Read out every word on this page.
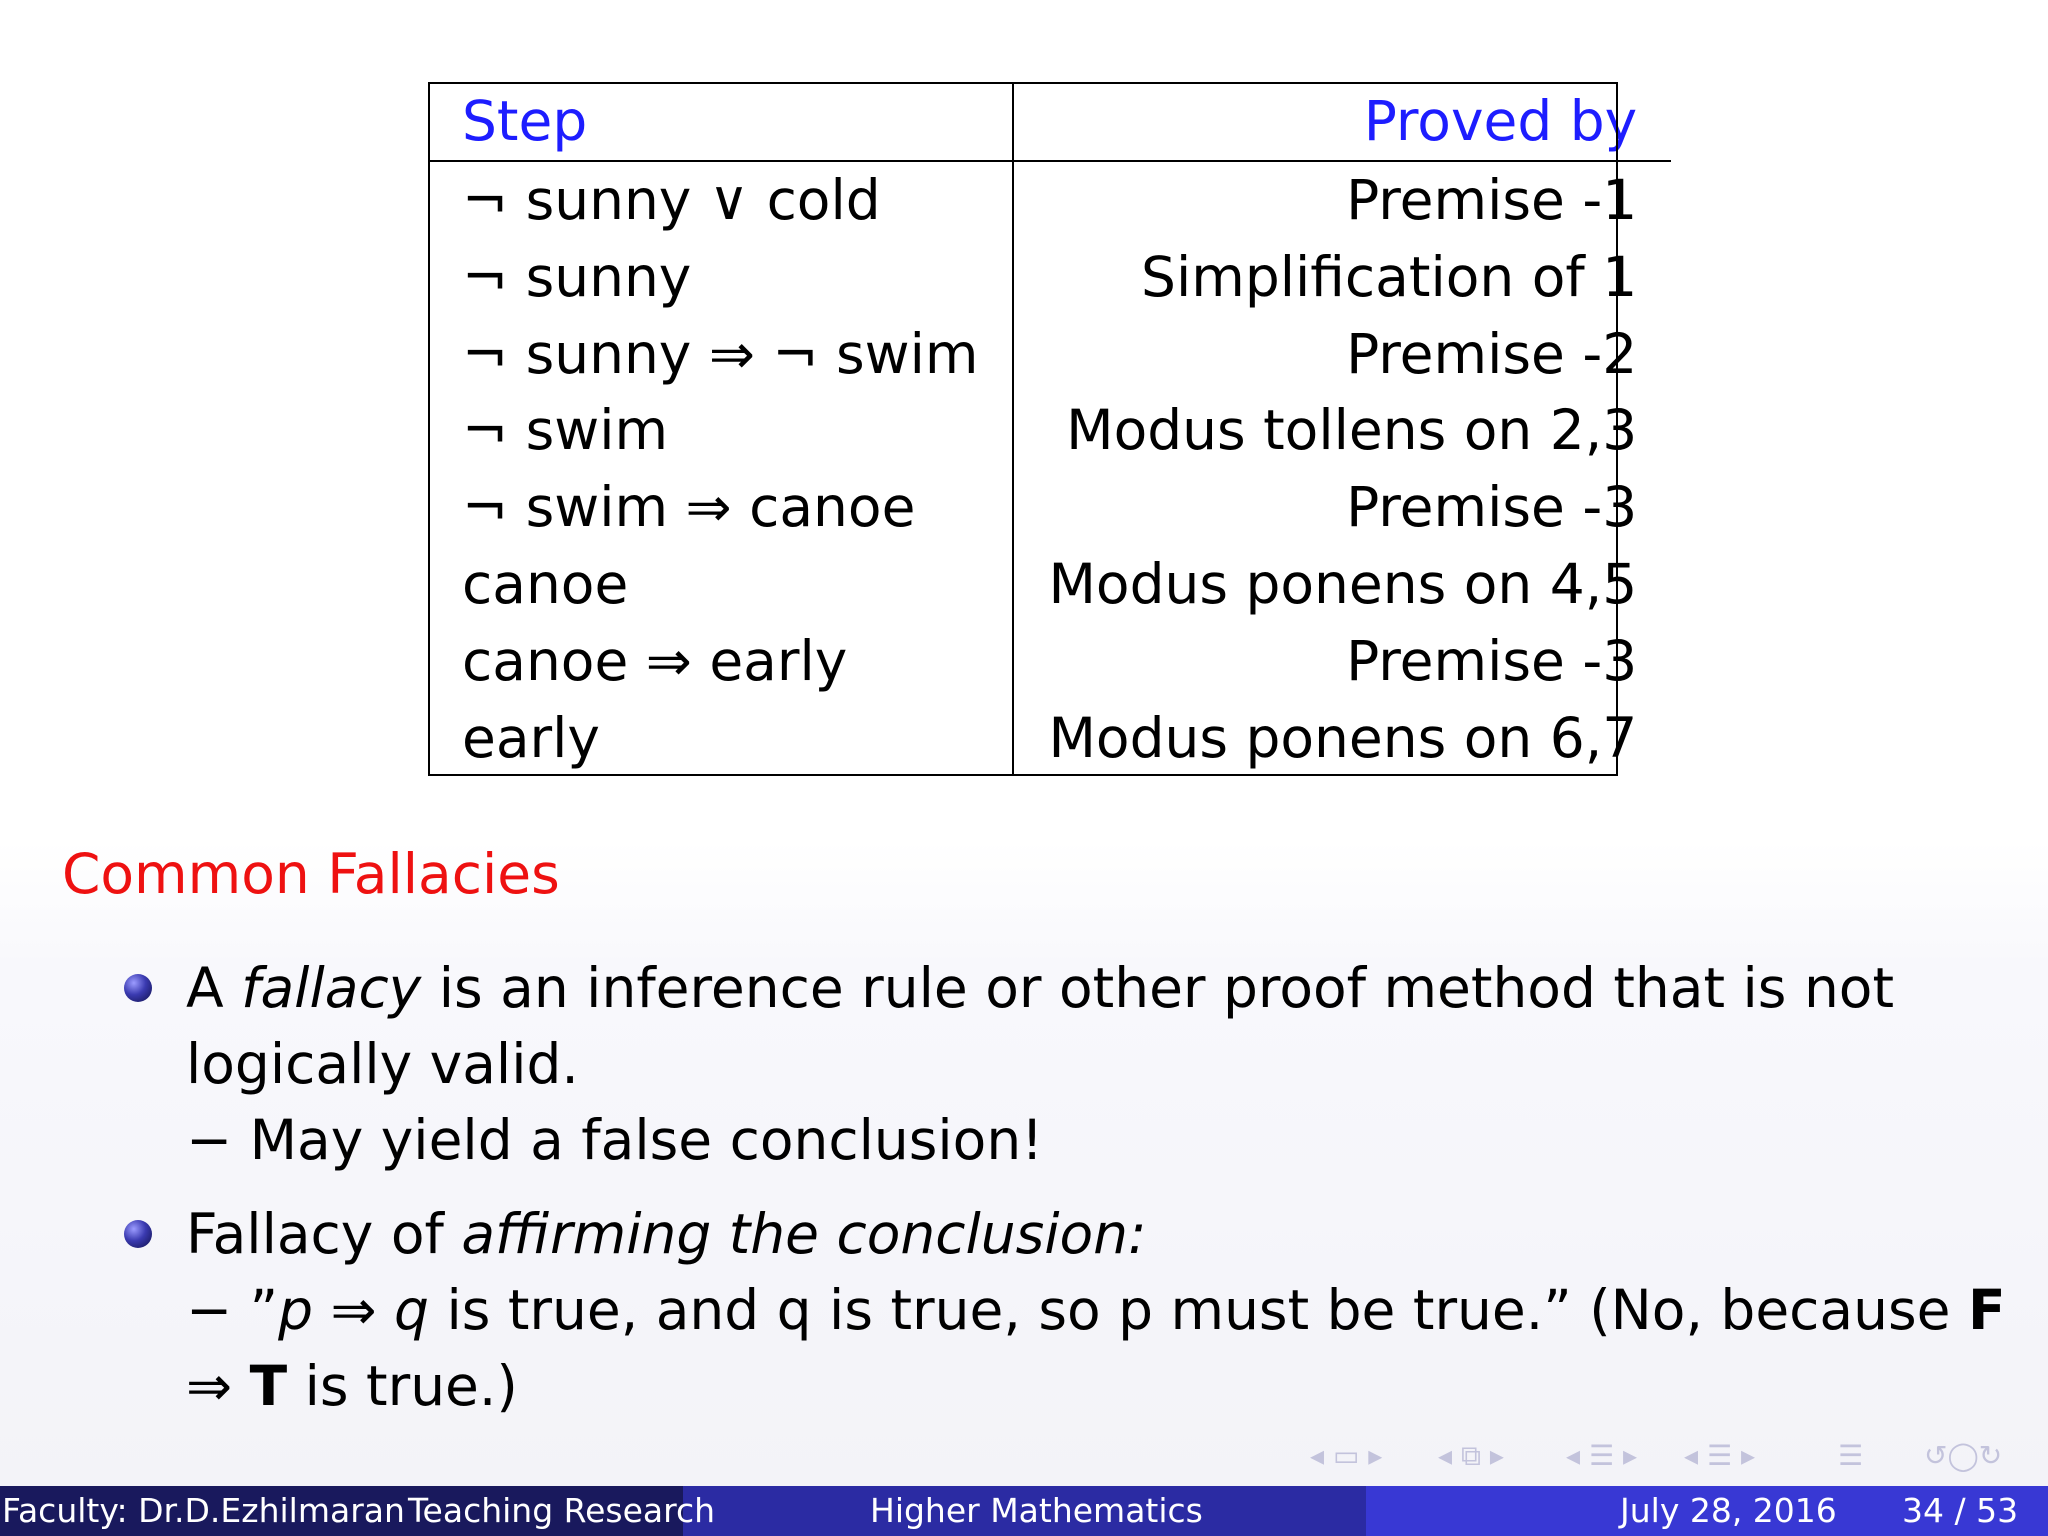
Step	Proved by
¬ sunny ∨ cold	Premise -1
¬ sunny	Simplification of 1
¬ sunny ⇒ ¬ swim	Premise -2
¬ swim	Modus tollens on 2,3
¬ swim ⇒ canoe	Premise -3
canoe	Modus ponens on 4,5
canoe ⇒ early	Premise -3
early	Modus ponens on 6,7
Common Fallacies
A fallacy is an inference rule or other proof method that is not
logically valid.
− May yield a false conclusion!
Fallacy of affirming the conclusion:
− ”p ⇒ q is true, and q is true, so p must be true.” (No, because F
⇒ T is true.)
◂ ▭ ▸ ◂ ⧉ ▸ ◂ ☰ ▸ ◂ ☰ ▸	☰ ↺◯↻
Faculty: Dr.D.Ezhilmaran Teaching Research	Higher Mathematics	July 28, 2016 34 / 53
